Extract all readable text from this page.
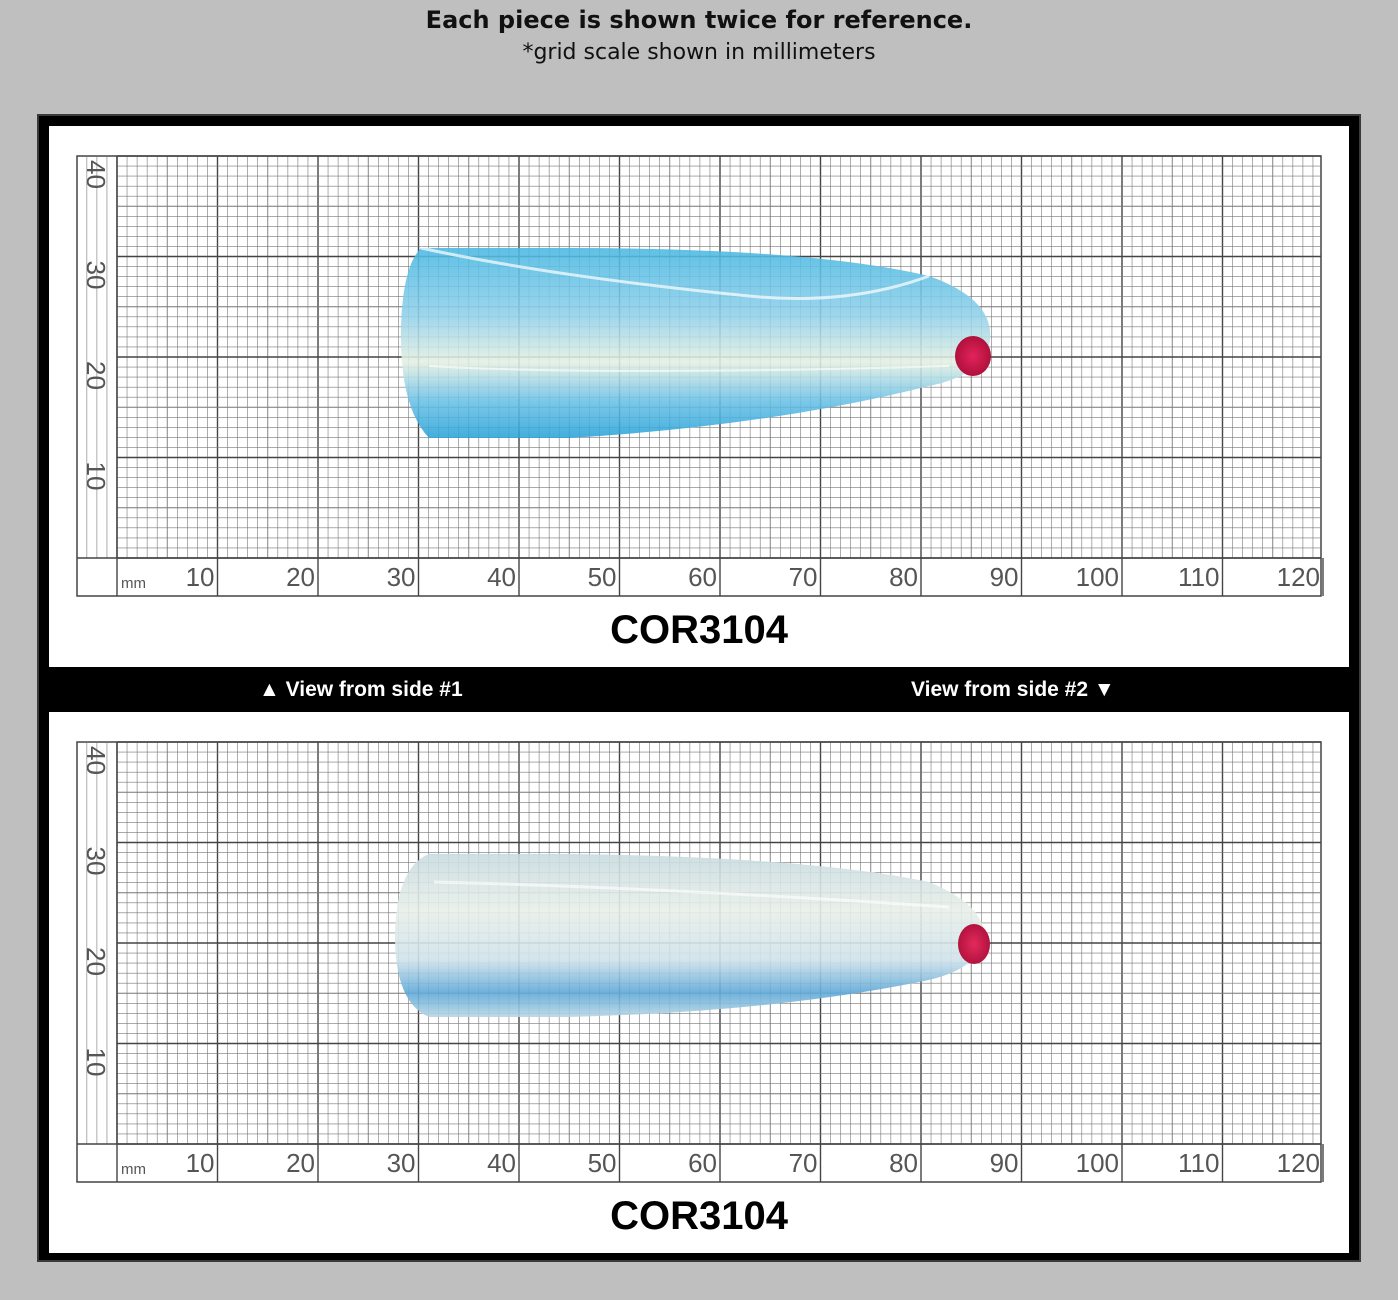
Each piece is shown twice for reference.
*grid scale shown in millimeters
10	20	30	40	50	60	70	80	90 100 110 120
mm
10
20
30
40
COR3104
▲ View from side #1	View from side #2 ▼
10	20	30	40	50	60	70	80	90 100 110 120
mm
10
20
30
40
COR3104
